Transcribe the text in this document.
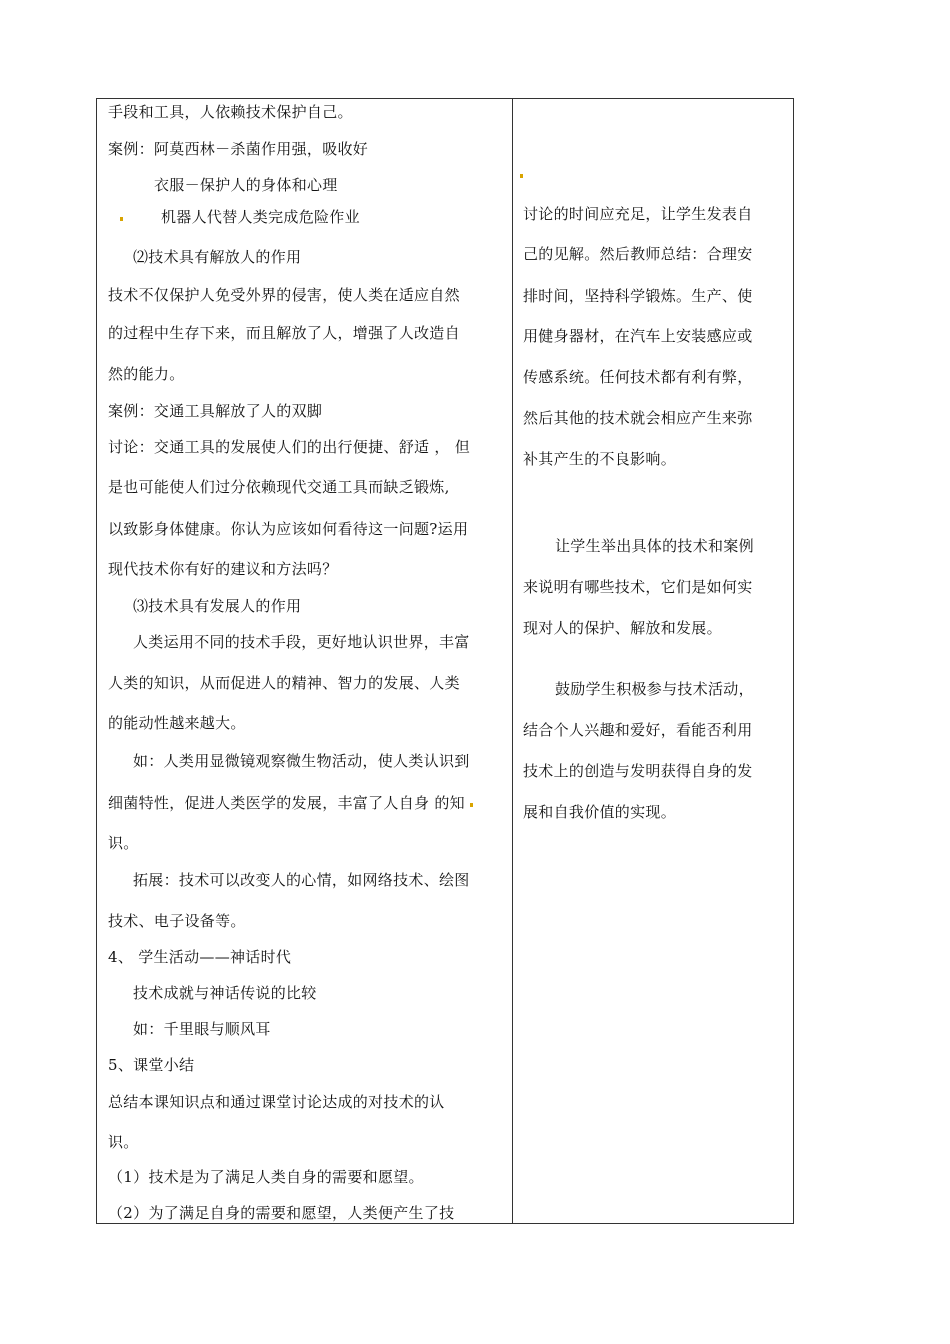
手段和工具，人依赖技术保护自己。
案例：阿莫西林－杀菌作用强，吸收好
衣服－保护人的身体和心理
机器人代替人类完成危险作业
⑵技术具有解放人的作用
技术不仅保护人免受外界的侵害，使人类在适应自然
的过程中生存下来，而且解放了人，增强了人改造自
然的能力。
案例：交通工具解放了人的双脚
讨论：交通工具的发展使人们的出行便捷、舒适 ， 但
是也可能使人们过分依赖现代交通工具而缺乏锻炼,
以致影身体健康。你认为应该如何看待这一问题?运用
现代技术你有好的建议和方法吗？
⑶技术具有发展人的作用
人类运用不同的技术手段，更好地认识世界，丰富
人类的知识，从而促进人的精神、智力的发展、人类
的能动性越来越大。
如：人类用显微镜观察微生物活动，使人类认识到
细菌特性，促进人类医学的发展，丰富了人自身 的知
识。
拓展：技术可以改变人的心情，如网络技术、绘图
技术、电子设备等。
4、 学生活动——神话时代
技术成就与神话传说的比较
如：千里眼与顺风耳
5、课堂小结
总结本课知识点和通过课堂讨论达成的对技术的认
识。
（1）技术是为了满足人类自身的需要和愿望。
（2）为了满足自身的需要和愿望，人类便产生了技
讨论的时间应充足，让学生发表自
己的见解。然后教师总结：合理安
排时间，坚持科学锻炼。生产、使
用健身器材，在汽车上安装感应或
传感系统。任何技术都有利有弊，
然后其他的技术就会相应产生来弥
补其产生的不良影响。
让学生举出具体的技术和案例
来说明有哪些技术，它们是如何实
现对人的保护、解放和发展。
鼓励学生积极参与技术活动，
结合个人兴趣和爱好，看能否利用
技术上的创造与发明获得自身的发
展和自我价值的实现。
